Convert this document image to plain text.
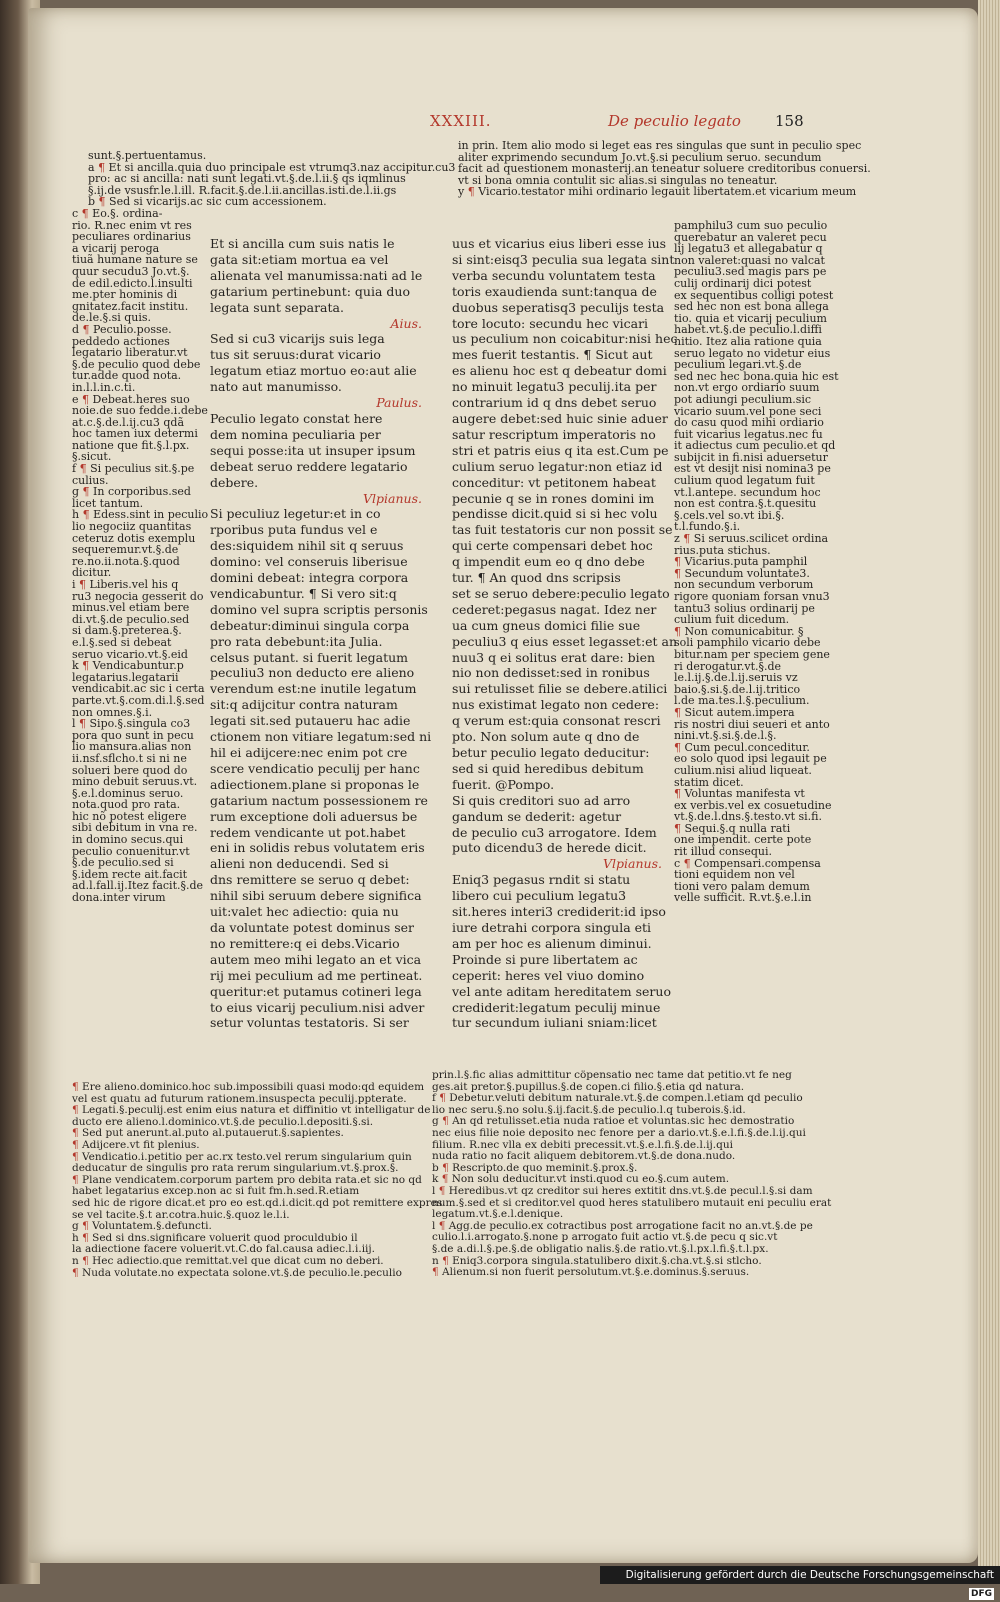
XXXIII.	De peculio legato 158

sunt.§.pertuentamus.

a ¶ Et si ancilla.quia duo principale est vtrumq3.naz accipitur.cu3

pro: ac si ancilla: nati sunt legati.vt.§.de.l.ii.§ qs iqmlinus

§.ij.de vsusfr.le.l.ill. R.facit.§.de.l.ii.ancillas.isti.de.l.ii.gs

b ¶ Sed si vicarijs.ac sic cum accessionem.

c ¶ Eo.§. ordina-

rio. R.nec enim vt res

peculiares ordinarius

a vicarij peroga

tiuã humane nature se

quur secudu3 Jo.vt.§.

de edil.edicto.l.insulti

me.pter hominis di

gnitatez.facit institu.

de.le.§.si quis.

d ¶ Peculio.posse.

peddedo actiones

legatario liberatur.vt

§.de peculio quod debe

tur.adde quod nota.

in.l.l.in.c.ti.

e ¶ Debeat.heres suo

noie.de suo fedde.i.debe

at.c.§.de.l.ij.cu3 qdã

hoc tamen iux determi

natione que fit.§.l.px.

§.sicut.

f ¶ Si peculius sit.§.pe

culius.

g ¶ In corporibus.sed

licet tantum.

h ¶ Edess.sint in peculio

lio negociiz quantitas

ceteruz dotis exemplu

sequeremur.vt.§.de

re.no.ii.nota.§.quod

dicitur.

i ¶ Liberis.vel his q

ru3 negocia gesserit do

minus.vel etiam bere

di.vt.§.de peculio.sed

si dam.§.preterea.§.

e.l.§.sed si debeat

seruo vicario.vt.§.eid

k ¶ Vendicabuntur.p

legatarius.legatarii

vendicabit.ac sic i certa

parte.vt.§.com.di.l.§.sed

non omnes.§.i.

l ¶ Sipo.§.singula co3

pora quo sunt in pecu

lio mansura.alias non

ii.nsf.sflcho.t si ni ne

solueri bere quod do

mino debuit seruus.vt.

§.e.l.dominus seruo.

nota.quod pro rata.

hic nõ potest eligere

sibi debitum in vna re.

in domino secus.qui

peculio conuenitur.vt

§.de peculio.sed si

§.idem recte ait.facit

ad.l.fall.ij.Itez facit.§.de

dona.inter virum

Et si ancilla cum suis natis le

gata sit:etiam mortua ea vel

alienata vel manumissa:nati ad le

gatarium pertinebunt: quia duo

legata sunt separata.

Aius.

Sed si cu3 vicarijs suis lega

tus sit seruus:durat vicario

legatum etiaz mortuo eo:aut alie

nato aut manumisso.

Paulus.

Peculio legato constat here

dem nomina peculiaria per

sequi posse:ita ut insuper ipsum

debeat seruo reddere legatario

debere.

Vlpianus.

Si peculiuz legetur:et in co

rporibus puta fundus vel e

des:siquidem nihil sit q seruus

domino: vel conseruis liberisue

domini debeat: integra corpora

vendicabuntur. ¶ Si vero sit:q

domino vel supra scriptis personis

debeatur:diminui singula corpa

pro rata debebunt:ita Julia.

celsus putant. si fuerit legatum

peculiu3 non deducto ere alieno

verendum est:ne inutile legatum

sit:q adijcitur contra naturam

legati sit.sed putaueru hac adie

ctionem non vitiare legatum:sed ni

hil ei adijcere:nec enim pot cre

scere vendicatio peculij per hanc

adiectionem.plane si proponas le

gatarium nactum possessionem re

rum exceptione doli aduersus be

redem vendicante ut pot.habet

eni in solidis rebus volutatem eris

alieni non deducendi. Sed si

dns remittere se seruo q debet:

nihil sibi seruum debere significa

uit:valet hec adiectio: quia nu

da voluntate potest dominus ser

no remittere:q ei debs.Vicario

autem meo mihi legato an et vica

rij mei peculium ad me pertineat.

queritur:et putamus cotineri lega

to eius vicarij peculium.nisi adver

setur voluntas testatoris. Si ser

uus et vicarius eius liberi esse ius

si sint:eisq3 peculia sua legata sint

verba secundu voluntatem testa

toris exaudienda sunt:tanqua de

duobus seperatisq3 peculijs testa

tore locuto: secundu hec vicari

us peculium non coicabitur:nisi hec

mes fuerit testantis. ¶ Sicut aut

es alienu hoc est q debeatur domi

no minuit legatu3 peculij.ita per

contrarium id q dns debet seruo

augere debet:sed huic sinie aduer

satur rescriptum imperatoris no

stri et patris eius q ita est.Cum pe

culium seruo legatur:non etiaz id

conceditur: vt petitonem habeat

pecunie q se in rones domini im

pendisse dicit.quid si si hec volu

tas fuit testatoris cur non possit se

qui certe compensari debet hoc

q impendit eum eo q dno debe

tur. ¶ An quod dns scripsis

set se seruo debere:peculio legato

cederet:pegasus nagat. Idez ner

ua cum gneus domici filie sue

peculiu3 q eius esset legasset:et an

nuu3 q ei solitus erat dare: bien

nio non dedisset:sed in ronibus

sui retulisset filie se debere.atilici

nus existimat legato non cedere:

q verum est:quia consonat rescri

pto. Non solum aute q dno de

betur peculio legato deducitur:

sed si quid heredibus debitum

fuerit. @Pompo.

Si quis creditori suo ad arro

gandum se dederit: agetur

de peculio cu3 arrogatore. Idem

puto dicendu3 de herede dicit.

Vlpianus.

Eniq3 pegasus rndit si statu

libero cui peculium legatu3

sit.heres interi3 crediderit:id ipso

iure detrahi corpora singula eti

am per hoc es alienum diminui.

Proinde si pure libertatem ac

ceperit: heres vel viuo domino

vel ante aditam hereditatem seruo

crediderit:legatum peculij minue

tur secundum iuliani sniam:licet

in prin. Item alio modo si leget eas res singulas que sunt in peculio spec

aliter exprimendo secundum Jo.vt.§.si peculium seruo. secundum

facit ad questionem monasterij.an teneatur soluere creditoribus conuersi.

vt si bona omnia contulit sic alias.si singulas no teneatur.

y ¶ Vicario.testator mihi ordinario legauit libertatem.et vicarium meum

pamphilu3 cum suo peculio

querebatur an valeret pecu

lij legatu3 et allegabatur q

non valeret:quasi no valcat

peculiu3.sed magis pars pe

culij ordinarij dici potest

ex sequentibus colligi potest

sed hec non est bona allega

tio. quia et vicarij peculium

habet.vt.§.de peculio.l.diffi

nitio. Itez alia ratione quia

seruo legato no videtur eius

peculium legari.vt.§.de

sed nec hec bona.quia hic est

non.vt ergo ordiario suum

pot adiungi peculium.sic

vicario suum.vel pone seci

do casu quod mihi ordiario

fuit vicarius legatus.nec fu

it adiectus cum peculio.et qd

subijcit in fi.nisi aduersetur

est vt desijt nisi nomina3 pe

culium quod legatum fuit

vt.l.antepe. secundum hoc

non est contra.§.t.quesitu

§.cels.vel so.vt ibi.§.

t.l.fundo.§.i.

z ¶ Si seruus.scilicet ordina

rius.puta stichus.

¶ Vicarius.puta pamphil

¶ Secundum voluntate3.

non secundum verborum

rigore quoniam forsan vnu3

tantu3 solius ordinarij pe

culium fuit dicedum.

¶ Non comunicabitur. §

soli pamphilo vicario debe

bitur.nam per speciem gene

ri derogatur.vt.§.de

le.l.ij.§.de.l.ij.seruis vz

baio.§.si.§.de.l.ij.tritico

l.de ma.tes.l.§.peculium.

¶ Sicut autem.impera

ris nostri diui seueri et anto

nini.vt.§.si.§.de.l.§.

¶ Cum pecul.conceditur.

eo solo quod ipsi legauit pe

culium.nisi aliud liqueat.

statim dicet.

¶ Voluntas manifesta vt

ex verbis.vel ex cosuetudine

vt.§.de.l.dns.§.testo.vt si.fi.

¶ Sequi.§.q nulla rati

one impendit. certe pote

rit illud consequi.

c ¶ Compensari.compensa

tioni equidem non vel

tioni vero palam demum

velle sufficit. R.vt.§.e.l.in

¶ Ere alieno.dominico.hoc sub.impossibili quasi modo:qd equidem

vel est quatu ad futurum rationem.insuspecta peculij.ppterate.

¶ Legati.§.peculij.est enim eius natura et diffinitio vt intelligatur de

ducto ere alieno.l.dominico.vt.§.de peculio.l.depositi.§.si.

¶ Sed put anerunt.al.puto al.putauerut.§.sapientes.

¶ Adijcere.vt fit plenius.

¶ Vendicatio.i.petitio per ac.rx testo.vel rerum singularium quin

deducatur de singulis pro rata rerum singularium.vt.§.prox.§.

¶ Plane vendicatem.corporum partem pro debita rata.et sic no qd

habet legatarius excep.non ac si fuit fm.h.sed.R.etiam

sed hic de rigore dicat.et pro eo est.qd.i.dicit.qd pot remittere expres

se vel tacite.§.t ar.cotra.huic.§.quoz le.l.i.

g ¶ Voluntatem.§.defuncti.

h ¶ Sed si dns.significare voluerit quod proculdubio il

la adiectione facere voluerit.vt.C.do fal.causa adiec.l.i.iij.

n ¶ Hec adiectio.que remittat.vel que dicat cum no deberi.

¶ Nuda volutate.no expectata solone.vt.§.de peculio.le.peculio

prin.l.§.fic alias admittitur cöpensatio nec tame dat petitio.vt fe neg

ges.ait pretor.§.pupillus.§.de copen.ci filio.§.etia qd natura.

f ¶ Debetur.veluti debitum naturale.vt.§.de compen.l.etiam qd peculio

lio nec seru.§.no solu.§.ij.facit.§.de peculio.l.q tuberois.§.id.

g ¶ An qd retulisset.etia nuda ratioe et voluntas.sic hec demostratio

nec eius filie noie deposito nec fenore per a dario.vt.§.e.l.fi.§.de.l.ij.qui

filium. R.nec vlla ex debiti precessit.vt.§.e.l.fi.§.de.l.ij.qui

nuda ratio no facit aliquem debitorem.vt.§.de dona.nudo.

b ¶ Rescripto.de quo meminit.§.prox.§.

k ¶ Non solu deducitur.vt insti.quod cu eo.§.cum autem.

l ¶ Heredibus.vt qz creditor sui heres extitit dns.vt.§.de pecul.l.§.si dam

num.§.sed et si creditor.vel quod heres statulibero mutauit eni peculiu erat

legatum.vt.§.e.l.denique.

l ¶ Agg.de peculio.ex cotractibus post arrogatione facit no an.vt.§.de pe

culio.l.i.arrogato.§.none p arrogato fuit actio vt.§.de pecu q sic.vt

§.de a.di.l.§.pe.§.de obligatio nalis.§.de ratio.vt.§.l.px.l.fi.§.t.l.px.

n ¶ Eniq3.corpora singula.statulibero dixit.§.cha.vt.§.si stlcho.

¶ Alienum.si non fuerit persolutum.vt.§.e.dominus.§.seruus.

Digitalisierung gefördert durch die Deutsche Forschungsgemeinschaft DFG
